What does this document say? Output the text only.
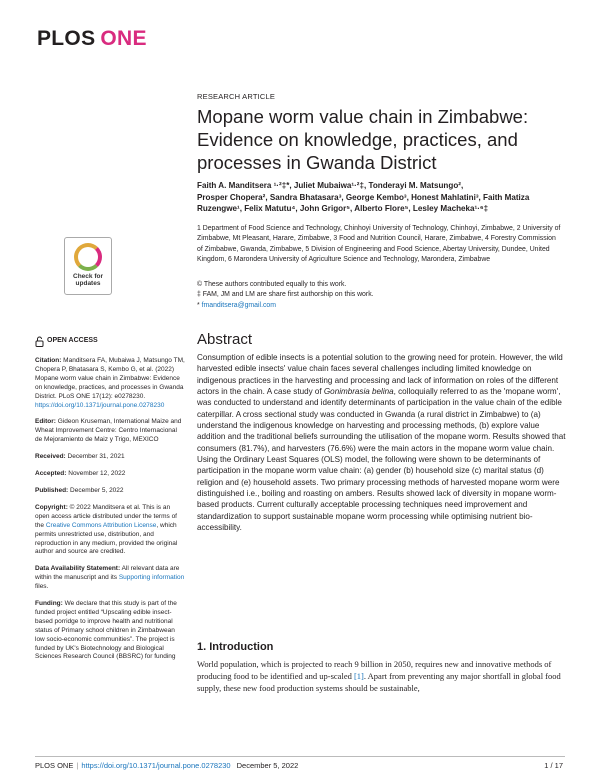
PLOS ONE
RESEARCH ARTICLE
Mopane worm value chain in Zimbabwe: Evidence on knowledge, practices, and processes in Gwanda District
Faith A. Manditsera ¹·²‡*, Juliet Mubaiwa¹·²‡, Tonderayi M. Matsungo²,
Prosper Chopera², Sandra Bhatasara³, George Kembo³, Honest Mahlatini³, Faith Matiza
Ruzengwe¹, Felix Matutu⁴, John Grigor⁵, Alberto Flore⁵, Lesley Macheka¹·⁶‡
1 Department of Food Science and Technology, Chinhoyi University of Technology, Chinhoyi, Zimbabwe, 2 University of Zimbabwe, Mt Pleasant, Harare, Zimbabwe, 3 Food and Nutrition Council, Harare, Zimbabwe, 4 Forestry Commission of Zimbabwe, Gwanda, Zimbabwe, 5 Division of Engineering and Food Science, Abertay University, Dundee, United Kingdom, 6 Marondera University of Agriculture Science and Technology, Marondera, Zimbabwe
© These authors contributed equally to this work.
‡ FAM, JM and LM are share first authorship on this work.
* fmanditsera@gmail.com
Check for
updates
OPEN ACCESS

Citation: Manditsera FA, Mubaiwa J, Matsungo TM, Chopera P, Bhatasara S, Kembo G, et al. (2022) Mopane worm value chain in Zimbabwe: Evidence on knowledge, practices, and processes in Gwanda District. PLoS ONE 17(12): e0278230. https://doi.org/10.1371/journal.pone.0278230

Editor: Gideon Kruseman, International Maize and Wheat Improvement Centre: Centro Internacional de Mejoramiento de Maiz y Trigo, MEXICO

Received: December 31, 2021

Accepted: November 12, 2022

Published: December 5, 2022

Copyright: © 2022 Manditsera et al. This is an open access article distributed under the terms of the Creative Commons Attribution License, which permits unrestricted use, distribution, and reproduction in any medium, provided the original author and source are credited.

Data Availability Statement: All relevant data are within the manuscript and its Supporting information files.

Funding: We declare that this study is part of the funded project entitled “Upscaling edible insect-based porridge to improve health and nutritional status of Primary school children in Zimbabwean low socio-economic communities”. The project is funded by UK's Biotechnology and Biological Sciences Research Council (BBSRC) for funding

Abstract

Consumption of edible insects is a potential solution to the growing need for protein. However, the wild harvested edible insects' value chain faces several challenges including limited knowledge on indigenous practices in the harvesting and processing and lack of information on roles of the different actors in the chain. A case study of Gonimbrasia belina, colloquially referred to as the 'mopane worm', was conducted to understand and identify determinants of participation in the value chain of the edible caterpillar. A cross sectional study was conducted in Gwanda (a rural district in Zimbabwe) to (a) understand the indigenous knowledge on harvesting and processing methods, (b) explore value addition and the traditional beliefs surrounding the utilisation of the mopane worm. Results showed that consumers (81.7%), and harvesters (76.6%) were the main actors in the mopane worm value chain. Using the Ordinary Least Squares (OLS) model, the following were shown to be determinants of participation in the mopane worm value chain: (a) gender (b) household size (c) marital status (d) religion and (e) household assets. Two primary processing methods of harvested mopane worm were distinguished i.e., boiling and roasting on ambers. Results showed lack of diversity in mopane worm-based products. Current culturally acceptable processing techniques need improvement and standardization to support sustainable mopane worm processing while optimising nutrient bio-accessibility.

1. Introduction

World population, which is projected to reach 9 billion in 2050, requires new and innovative methods of producing food to be identified and up-scaled [1]. Apart from preventing any major shortfall in global food supply, these new food production systems should be sustainable,

PLOS ONE | https://doi.org/10.1371/journal.pone.0278230 December 5, 2022	1 / 17
